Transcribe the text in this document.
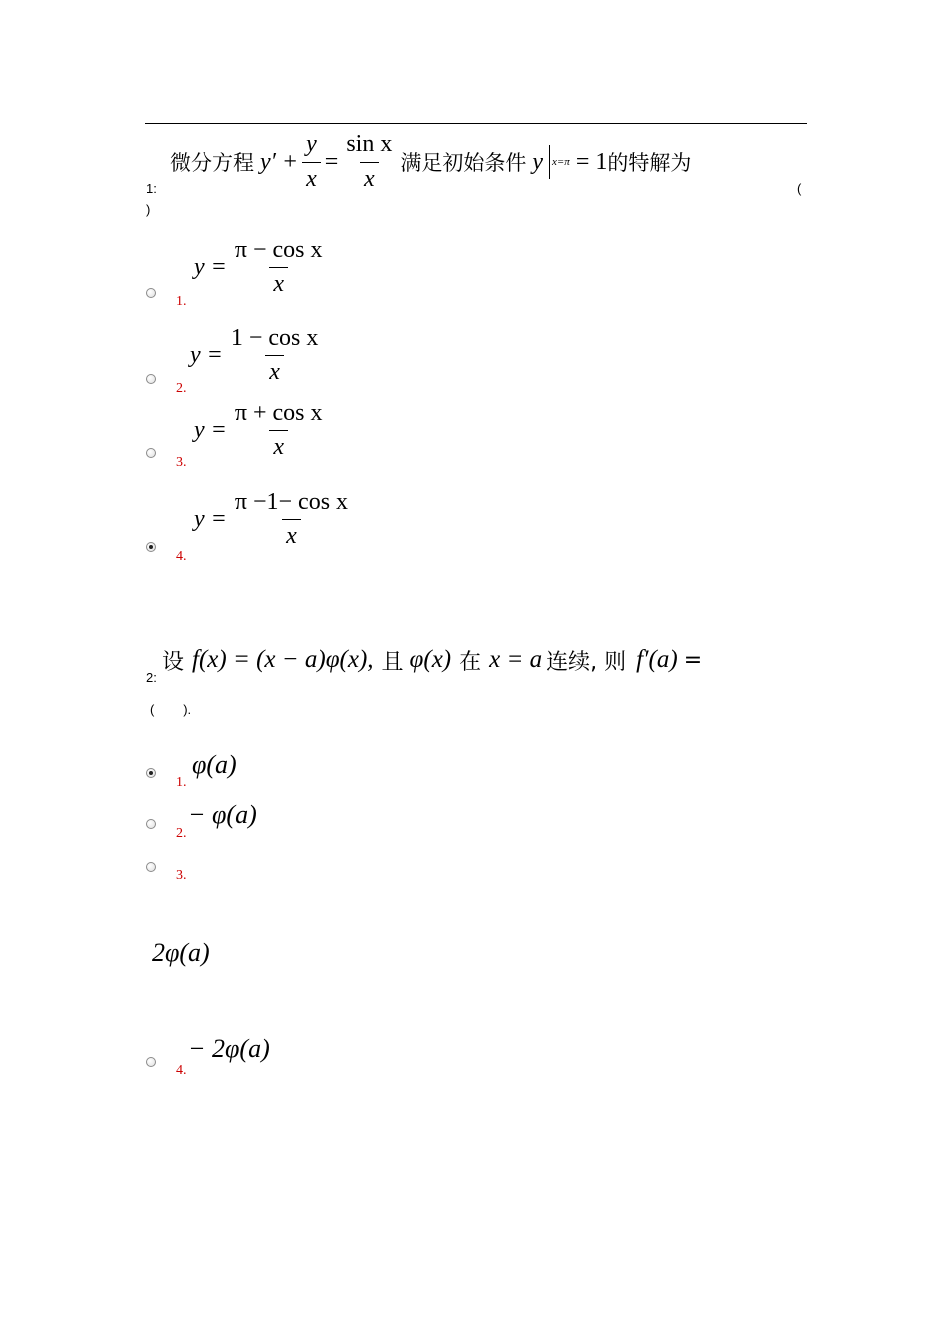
1:
微分方程 $y' + \frac{y}{x} = \frac{\text{sin x}}{x}$ 满足初始条件 y x=π = 1 的特解为
(
)
1.
$y = \frac{\text{π − cos x}}{x}$
2.
$y = \frac{\text{1 − cos x}}{x}$
3.
$y = \frac{\text{π + cos x}}{x}$
4.
$y = \frac{\text{π −1− cos x}}{x}$
2:
设 f(x) = (x − a)φ(x), 且 φ(x) 在 x = a 连续, 则 f′(a) =
(        ).
1.
φ(a)
2.
− φ(a)
3.
2φ(a)
4.
− 2φ(a)
